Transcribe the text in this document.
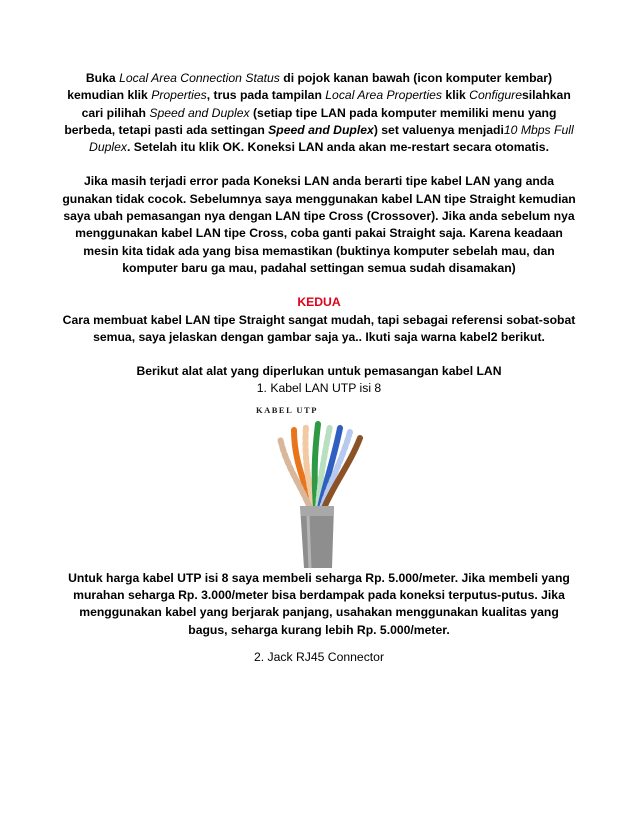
Buka Local Area Connection Status di pojok kanan bawah (icon komputer kembar) kemudian klik Properties, trus pada tampilan Local Area Properties klik Configuresilahkan cari pilihah Speed and Duplex (setiap tipe LAN pada komputer memiliki menu yang berbeda, tetapi pasti ada settingan Speed and Duplex) set valuenya menjadi10 Mbps Full Duplex. Setelah itu klik OK. Koneksi LAN anda akan me-restart secara otomatis.

Jika masih terjadi error pada Koneksi LAN anda berarti tipe kabel LAN yang anda gunakan tidak cocok. Sebelumnya saya menggunakan kabel LAN tipe Straight kemudian saya ubah pemasangan nya dengan LAN tipe Cross (Crossover). Jika anda sebelum nya menggunakan kabel LAN tipe Cross, coba ganti pakai Straight saja. Karena keadaan mesin kita tidak ada yang bisa memastikan (buktinya komputer sebelah mau, dan komputer baru ga mau, padahal settingan semua sudah disamakan)

KEDUA

Cara membuat kabel LAN tipe Straight sangat mudah, tapi sebagai referensi sobat-sobat semua, saya jelaskan dengan gambar saja ya.. Ikuti saja warna kabel2 berikut.

Berikut alat alat yang diperlukan untuk pemasangan kabel LAN

1. Kabel LAN UTP isi 8

KABEL UTP

Untuk harga kabel UTP isi 8 saya membeli seharga Rp. 5.000/meter. Jika membeli yang murahan seharga Rp. 3.000/meter bisa berdampak pada koneksi terputus-putus. Jika menggunakan kabel yang berjarak panjang, usahakan menggunakan kualitas yang bagus, seharga kurang lebih Rp. 5.000/meter.

2. Jack RJ45 Connector
